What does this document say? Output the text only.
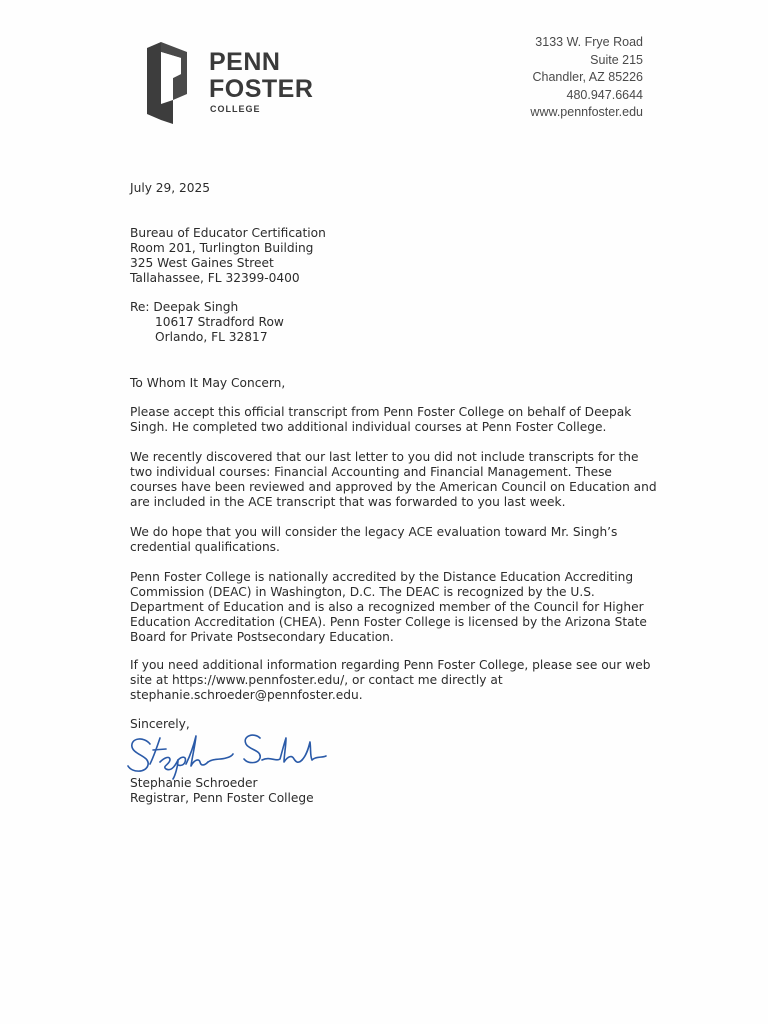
PENN
FOSTER
COLLEGE
3133 W. Frye Road
Suite 215
Chandler, AZ 85226
480.947.6644
www.pennfoster.edu
July 29, 2025
Bureau of Educator Certification
Room 201, Turlington Building
325 West Gaines Street
Tallahassee, FL 32399-0400
Re: Deepak Singh
10617 Stradford Row
Orlando, FL 32817
To Whom It May Concern,
Please accept this official transcript from Penn Foster College on behalf of Deepak
Singh. He completed two additional individual courses at Penn Foster College.
We recently discovered that our last letter to you did not include transcripts for the
two individual courses: Financial Accounting and Financial Management. These
courses have been reviewed and approved by the American Council on Education and
are included in the ACE transcript that was forwarded to you last week.
We do hope that you will consider the legacy ACE evaluation toward Mr. Singh’s
credential qualifications.
Penn Foster College is nationally accredited by the Distance Education Accrediting
Commission (DEAC) in Washington, D.C. The DEAC is recognized by the U.S.
Department of Education and is also a recognized member of the Council for Higher
Education Accreditation (CHEA). Penn Foster College is licensed by the Arizona State
Board for Private Postsecondary Education.
If you need additional information regarding Penn Foster College, please see our web
site at https://www.pennfoster.edu/, or contact me directly at
stephanie.schroeder@pennfoster.edu.
Sincerely,
Stephanie Schroeder
Registrar, Penn Foster College
